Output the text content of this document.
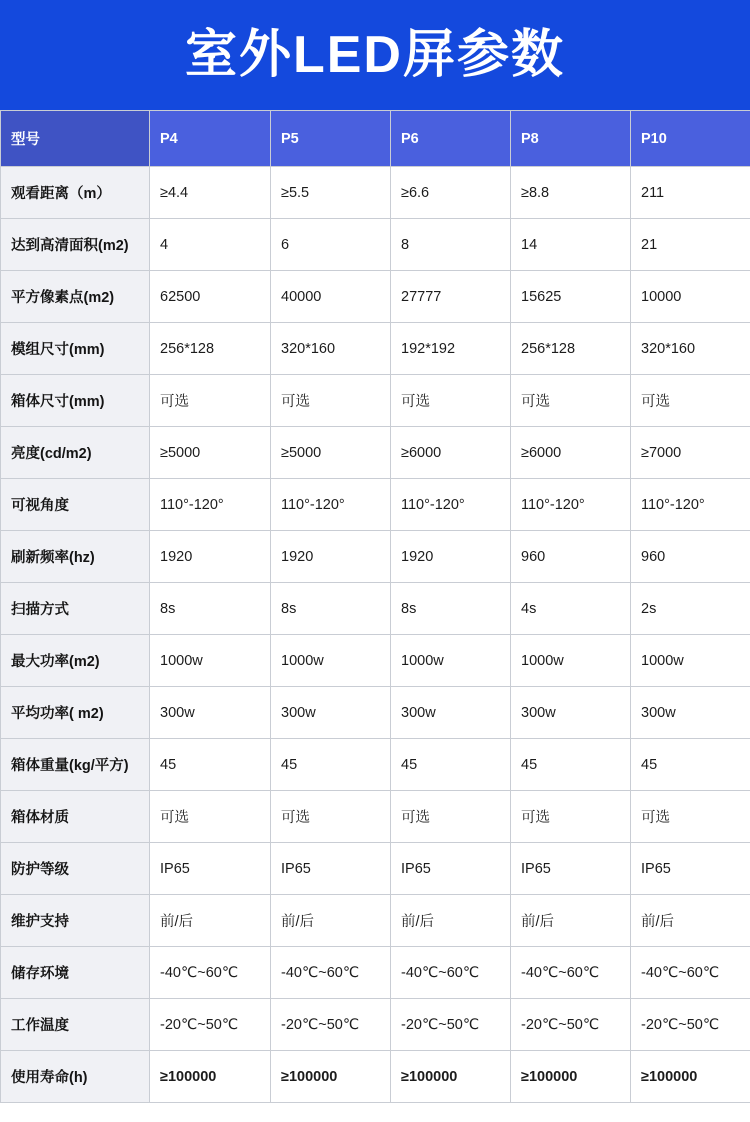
室外LED屏参数
型号	P4	P5	P6	P8	P10
观看距离（m）	≥4.4	≥5.5	≥6.6	≥8.8	211
达到高清面积(m2)	4	6	8	14	21
平方像素点(m2)	62500	40000	27777	15625	10000
模组尺寸(mm)	256*128	320*160	192*192	256*128	320*160
箱体尺寸(mm)	可选	可选	可选	可选	可选
亮度(cd/m2)	≥5000	≥5000	≥6000	≥6000	≥7000
可视角度	110°-120°	110°-120°	110°-120°	110°-120°	110°-120°
刷新频率(hz)	1920	1920	1920	960	960
扫描方式	8s	8s	8s	4s	2s
最大功率(m2)	1000w	1000w	1000w	1000w	1000w
平均功率( m2)	300w	300w	300w	300w	300w
箱体重量(kg/平方)	45	45	45	45	45
箱体材质	可选	可选	可选	可选	可选
防护等级	IP65	IP65	IP65	IP65	IP65
维护支持	前/后	前/后	前/后	前/后	前/后
储存环境	-40℃~60℃	-40℃~60℃	-40℃~60℃	-40℃~60℃	-40℃~60℃
工作温度	-20℃~50℃	-20℃~50℃	-20℃~50℃	-20℃~50℃	-20℃~50℃
使用寿命(h)	≥100000	≥100000	≥100000	≥100000	≥100000
